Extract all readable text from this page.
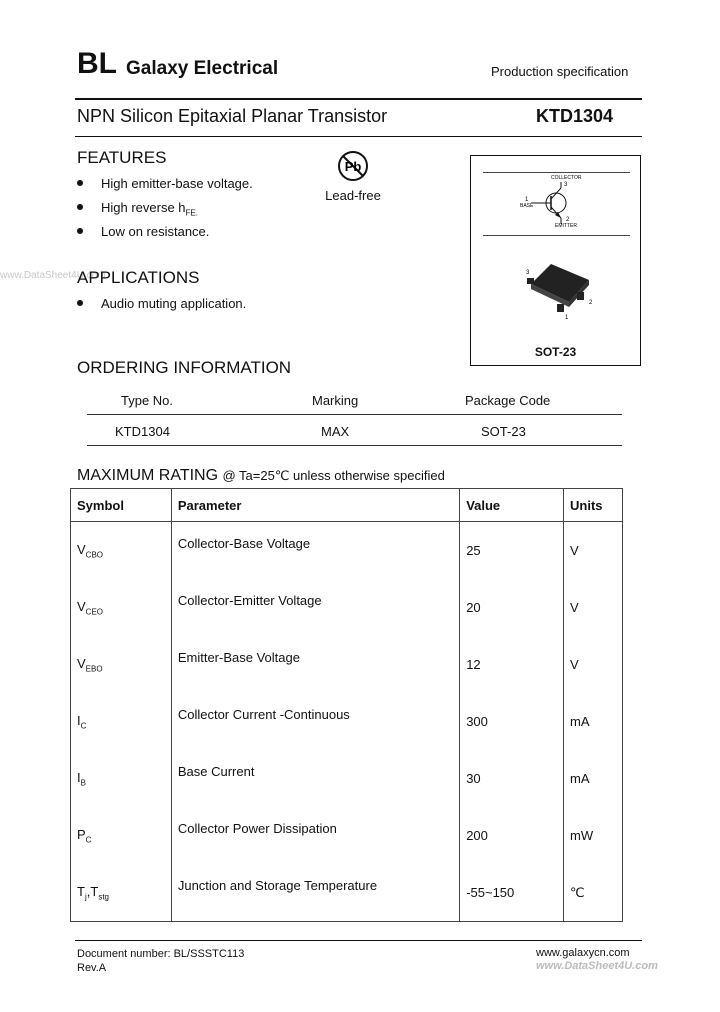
BL Galaxy Electrical	Production specification
NPN Silicon Epitaxial Planar Transistor	KTD1304
FEATURES
High emitter-base voltage.
High reverse $h_{FE.}$
Low on resistance.
Pb
Lead-free
COLLECTOR
3
1
BASE
2
EMITTER
3
1
2
SOT-23
www.DataSheet4U.com
APPLICATIONS
Audio muting application.
ORDERING INFORMATION
Type No.	Marking	Package Code
KTD1304	MAX	SOT-23
MAXIMUM RATING @ Ta=25℃ unless otherwise specified
Symbol	Parameter	Value	Units
$V_{CBO}$	Collector-Base Voltage	25	V
$V_{CEO}$	Collector-Emitter Voltage	20	V
$V_{EBO}$	Emitter-Base Voltage	12	V
$I_C$	Collector Current -Continuous	300	mA
$I_B$	Base Current	30	mA
$P_C$	Collector Power Dissipation	200	mW
$T_j,T_{stg}$	Junction and Storage Temperature	-55~150	℃
Document number: BL/SSSTC113
Rev.A
www.galaxycn.com
www.DataSheet4U.com
